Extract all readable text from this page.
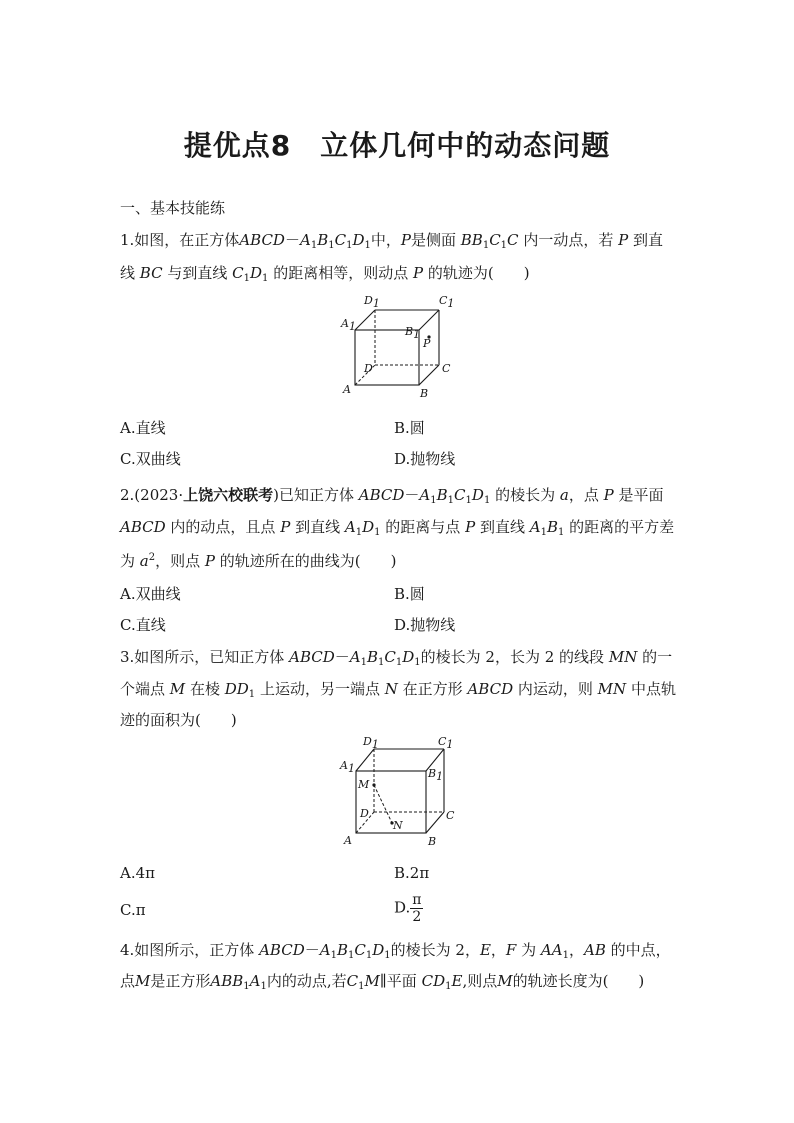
提优点8　立体几何中的动态问题
一、基本技能练
1.如图，在正方体$ABCD-A_1B_1C_1D_1$中，P是侧面 $BB_1C_1C$ 内一动点，若 P 到直
线 BC 与到直线 $C_1D_1$ 的距离相等，则动点 P 的轨迹为(　　)
D1	C1
A1	B1
P
D	C
A	B
A.直线	B.圆
C.双曲线	D.抛物线
2.(2023·上饶六校联考)已知正方体 $ABCD-A_1B_1C_1D_1$ 的棱长为 a，点 P 是平面
ABCD 内的动点，且点 P 到直线 $A_1D_1$ 的距离与点 P 到直线 $A_1B_1$ 的距离的平方差
为 $a^2$，则点 P 的轨迹所在的曲线为(　　)
A.双曲线	B.圆
C.直线	D.抛物线
3.如图所示，已知正方体 $ABCD-A_1B_1C_1D_1$的棱长为 2，长为 2 的线段 MN 的一
个端点 M 在棱 $DD_1$ 上运动，另一端点 N 在正方形 ABCD 内运动，则 MN 中点轨
迹的面积为(　　)
D1	C1
A1	B1
M
D
N
C
A	B
A.4π	B.2π
C.π	D. $\frac{\pi}{2}$
4.如图所示，正方体 $ABCD-A_1B_1C_1D_1$的棱长为 2，E，F 为 $AA_1$，AB 的中点，
点M是正方形$ABB_1A_1$内的动点,若$C_1M\parallel$平面 $CD_1E$,则点M的轨迹长度为(　　)
